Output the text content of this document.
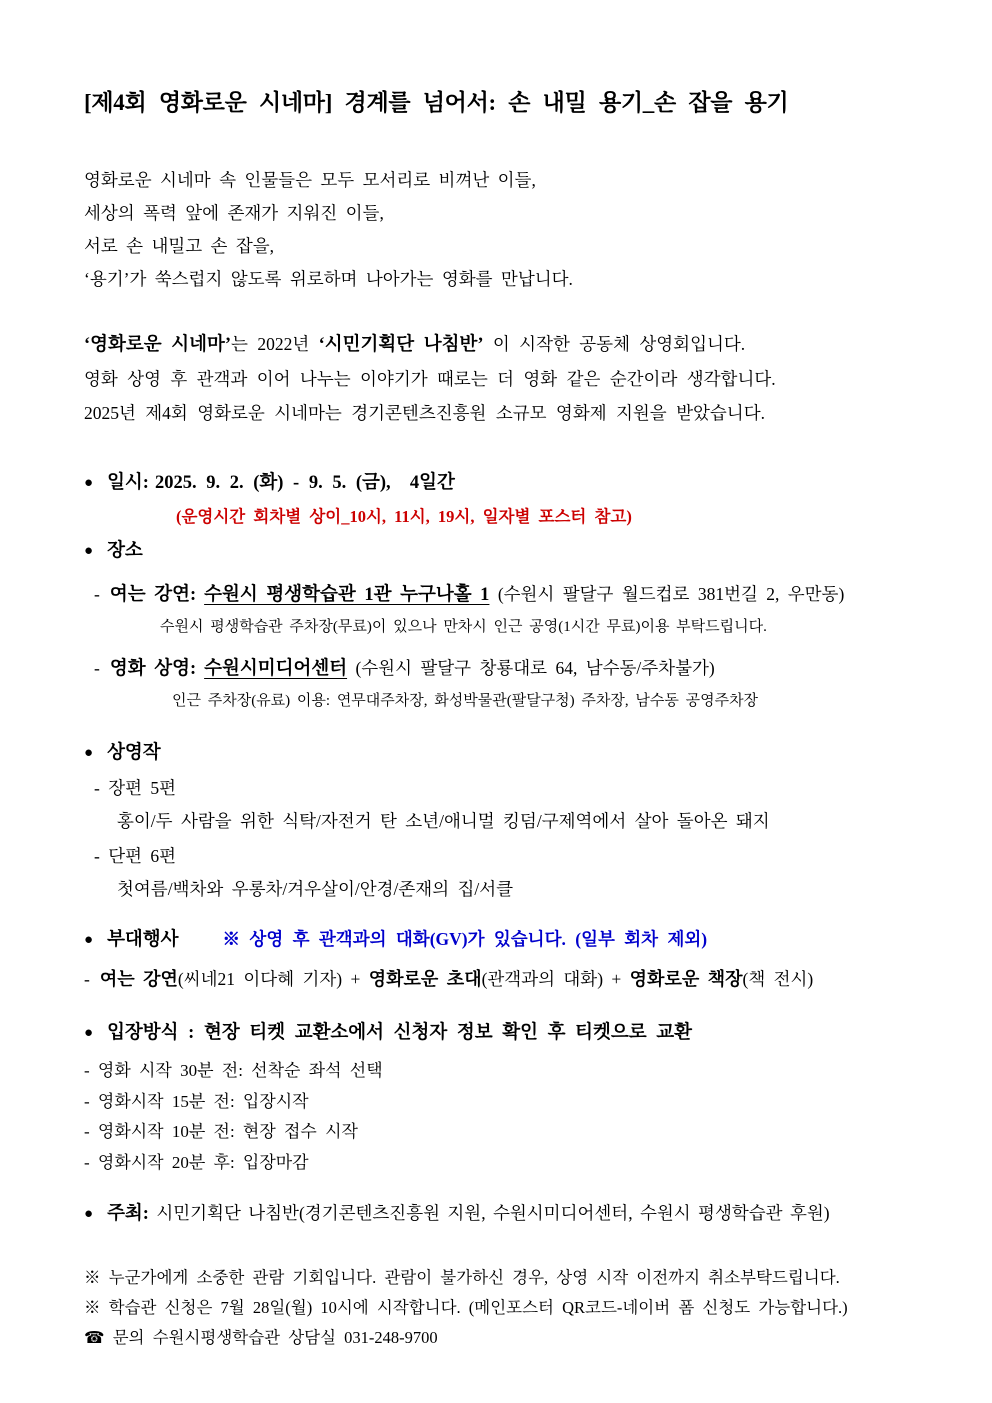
[제4회 영화로운 시네마] 경계를 넘어서: 손 내밀 용기_손 잡을 용기

영화로운 시네마 속 인물들은 모두 모서리로 비껴난 이들,

세상의 폭력 앞에 존재가 지워진 이들,

서로 손 내밀고 손 잡을,

‘용기’가 쑥스럽지 않도록 위로하며 나아가는 영화를 만납니다.

‘영화로운 시네마’는 2022년 ‘시민기획단 나침반’ 이 시작한 공동체 상영회입니다.

영화 상영 후 관객과 이어 나누는 이야기가 때로는 더 영화 같은 순간이라 생각합니다.

2025년 제4회 영화로운 시네마는 경기콘텐츠진흥원 소규모 영화제 지원을 받았습니다.

● 일시: 2025. 9. 2. (화) - 9. 5. (금),  4일간

(운영시간 회차별 상이_10시, 11시, 19시, 일자별 포스터 참고)

● 장소

- 여는 강연: 수원시 평생학습관 1관 누구나홀 1 (수원시 팔달구 월드컵로 381번길 2, 우만동)

수원시 평생학습관 주차장(무료)이 있으나 만차시 인근 공영(1시간 무료)이용 부탁드립니다.

- 영화 상영: 수원시미디어센터 (수원시 팔달구 창룡대로 64, 남수동/주차불가)

인근 주차장(유료) 이용: 연무대주차장, 화성박물관(팔달구청) 주차장, 남수동 공영주차장

● 상영작

- 장편 5편

홍이/두 사람을 위한 식탁/자전거 탄 소년/애니멀 킹덤/구제역에서 살아 돌아온 돼지

- 단편 6편

첫여름/백차와 우롱차/겨우살이/안경/존재의 집/서클

● 부대행사	※ 상영 후 관객과의 대화(GV)가 있습니다. (일부 회차 제외)

- 여는 강연(씨네21 이다혜 기자) + 영화로운 초대(관객과의 대화) + 영화로운 책장(책 전시)

● 입장방식 : 현장 티켓 교환소에서 신청자 정보 확인 후 티켓으로 교환

- 영화 시작 30분 전: 선착순 좌석 선택

- 영화시작 15분 전: 입장시작

- 영화시작 10분 전: 현장 접수 시작

- 영화시작 20분 후: 입장마감

● 주최: 시민기획단 나침반(경기콘텐츠진흥원 지원, 수원시미디어센터, 수원시 평생학습관 후원)

※ 누군가에게 소중한 관람 기회입니다. 관람이 불가하신 경우, 상영 시작 이전까지 취소부탁드립니다.

※ 학습관 신청은 7월 28일(월) 10시에 시작합니다. (메인포스터 QR코드-네이버 폼 신청도 가능합니다.)

☎ 문의 수원시평생학습관 상담실 031-248-9700
